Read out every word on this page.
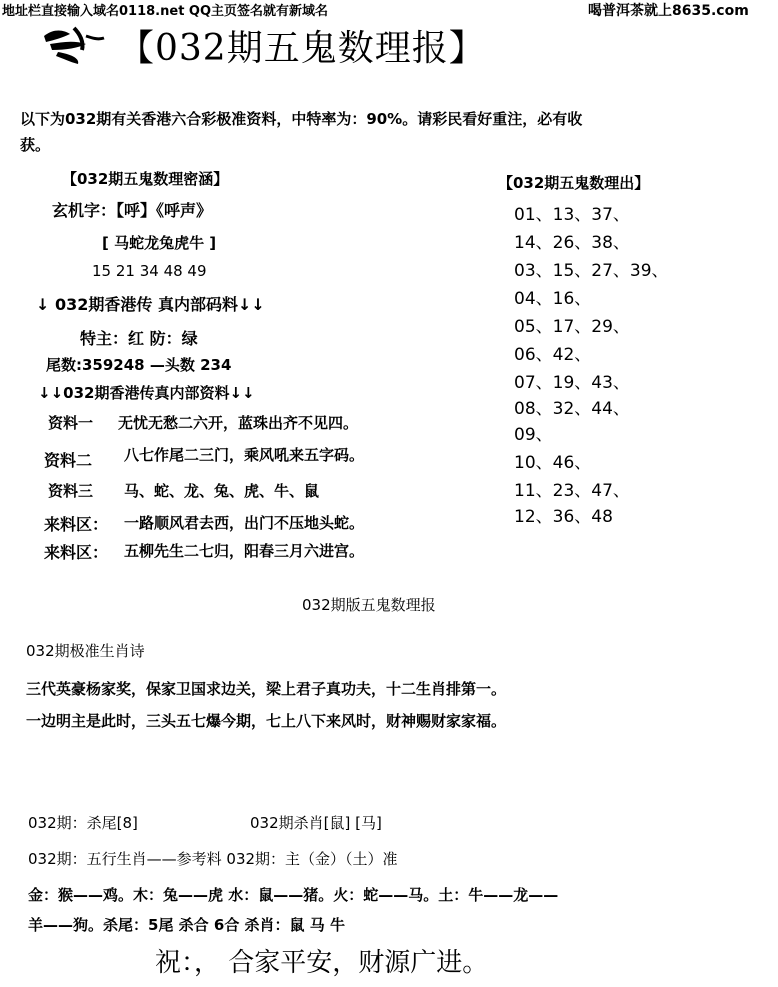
地址栏直接输入域名0118.net QQ主页签名就有新域名	喝普洱茶就上8635.com
【032期五鬼数理报】
以下为032期有关香港六合彩极准资料，中特率为：90%。请彩民看好重注，必有收
获。
【032期五鬼数理密涵】
玄机字：【呼】《呼声》
[ 马蛇龙兔虎牛 ]
15 21 34 48 49
↓ 032期香港传 真内部码料↓↓
特主：红 防：绿
尾数:359248 —头数 234
↓↓032期香港传真内部资料↓↓
资料一 无忧无愁二六开，蓝珠出齐不见四。
资料二 八七作尾二三门，乘风吼来五字码。
资料三 马、蛇、龙、兔、虎、牛、鼠
来料区： 一路顺风君去西，出门不压地头蛇。
来料区： 五柳先生二七归，阳春三月六进宫。
【032期五鬼数理出】
01、13、37、
14、26、38、
03、15、27、39、
04、16、
05、17、29、
06、42、
07、19、43、
08、32、44、
09、
10、46、
11、23、47、
12、36、48
032期版五鬼数理报
032期极准生肖诗
三代英豪杨家奖，保家卫国求边关，梁上君子真功夫，十二生肖排第一。
一边明主是此时，三头五七爆今期，七上八下来风时，财神赐财家家福。
032期：杀尾[8]	032期杀肖[鼠] [马]
032期：五行生肖——参考料 032期：主（金）（土）准
金：猴——鸡。木：兔——虎 水：鼠——猪。火：蛇——马。土：牛——龙——
羊——狗。杀尾：5尾 杀合 6合 杀肖：鼠 马 牛
祝：， 合家平安，财源广进。
